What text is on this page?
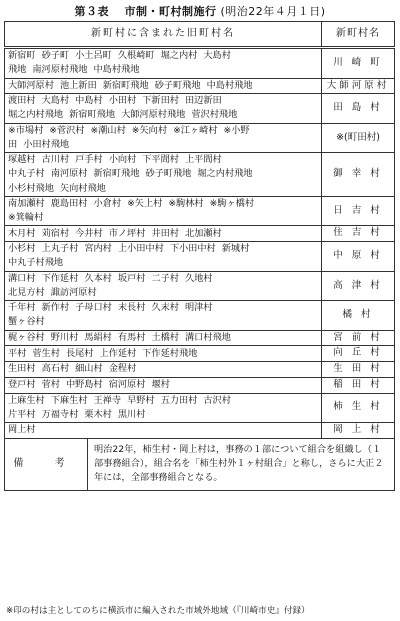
第３表　 市制・町村制施行 (明治22年４月１日)
新町村に含まれた旧町村名	新町村名

新宿町 砂子町 小土呂町 久根崎町 堀之内村 大島村
飛地 南河原村飛地 中島村飛地
	川 崎 町

大師河原村 池上新田 新宿町飛地 砂子町飛地 中島村飛地	大師河原村

渡田村 大島村 中島村 小田村 下新田村 田辺新田
堀之内村飛地 新宿町飛地 大師河原村飛地 菅沢村飛地
	田 島 村

※市場村 ※菅沢村 ※潮山村 ※矢向村 ※江ヶ崎村 ※小野
田 小田村飛地
	※(町田村)

塚越村 古川村 戸手村 小向村 下平間村 上平間村
中丸子村 南河原村 新宿町飛地 砂子町飛地 堀之内村飛地
小杉村飛地 矢向村飛地
	御 幸 村

南加瀬村 鹿島田村 小倉村 ※矢上村 ※駒林村 ※駒ヶ橋村
※箕輪村
	日 吉 村

木月村 苅宿村 今井村 市ノ坪村 井田村 北加瀬村	住 吉 村

小杉村 上丸子村 宮内村 上小田中村 下小田中村 新城村
中丸子村飛地
	中 原 村

溝口村 下作延村 久本村 坂戸村 二子村 久地村
北見方村 諏訪河原村
	高 津 村

千年村 新作村 子母口村 末長村 久末村 明津村
蟹ヶ谷村
	橘 村

梶ヶ谷村 野川村 馬絹村 有馬村 土橋村 溝口村飛地	宮 前 村

平村 菅生村 長尾村 上作延村 下作延村飛地	向 丘 村

生田村 高石村 細山村 金程村	生 田 村

登戸村 菅村 中野島村 宿河原村 堰村	稲 田 村

上麻生村 下麻生村 王禅寺 早野村 五力田村 古沢村
片平村 万福寺村 栗木村 黒川村
	柿 生 村

岡上村	岡 上 村

備 考	明治22年，柿生村・岡上村は，事務の１部について組合を組織し（１部事務組合），組合名を「柿生村外１ヶ村組合」と称し，さらに大正２年には，全部事務組合となる。
※印の村は主としてのちに横浜市に編入された市域外地域（『川崎市史』付録）
